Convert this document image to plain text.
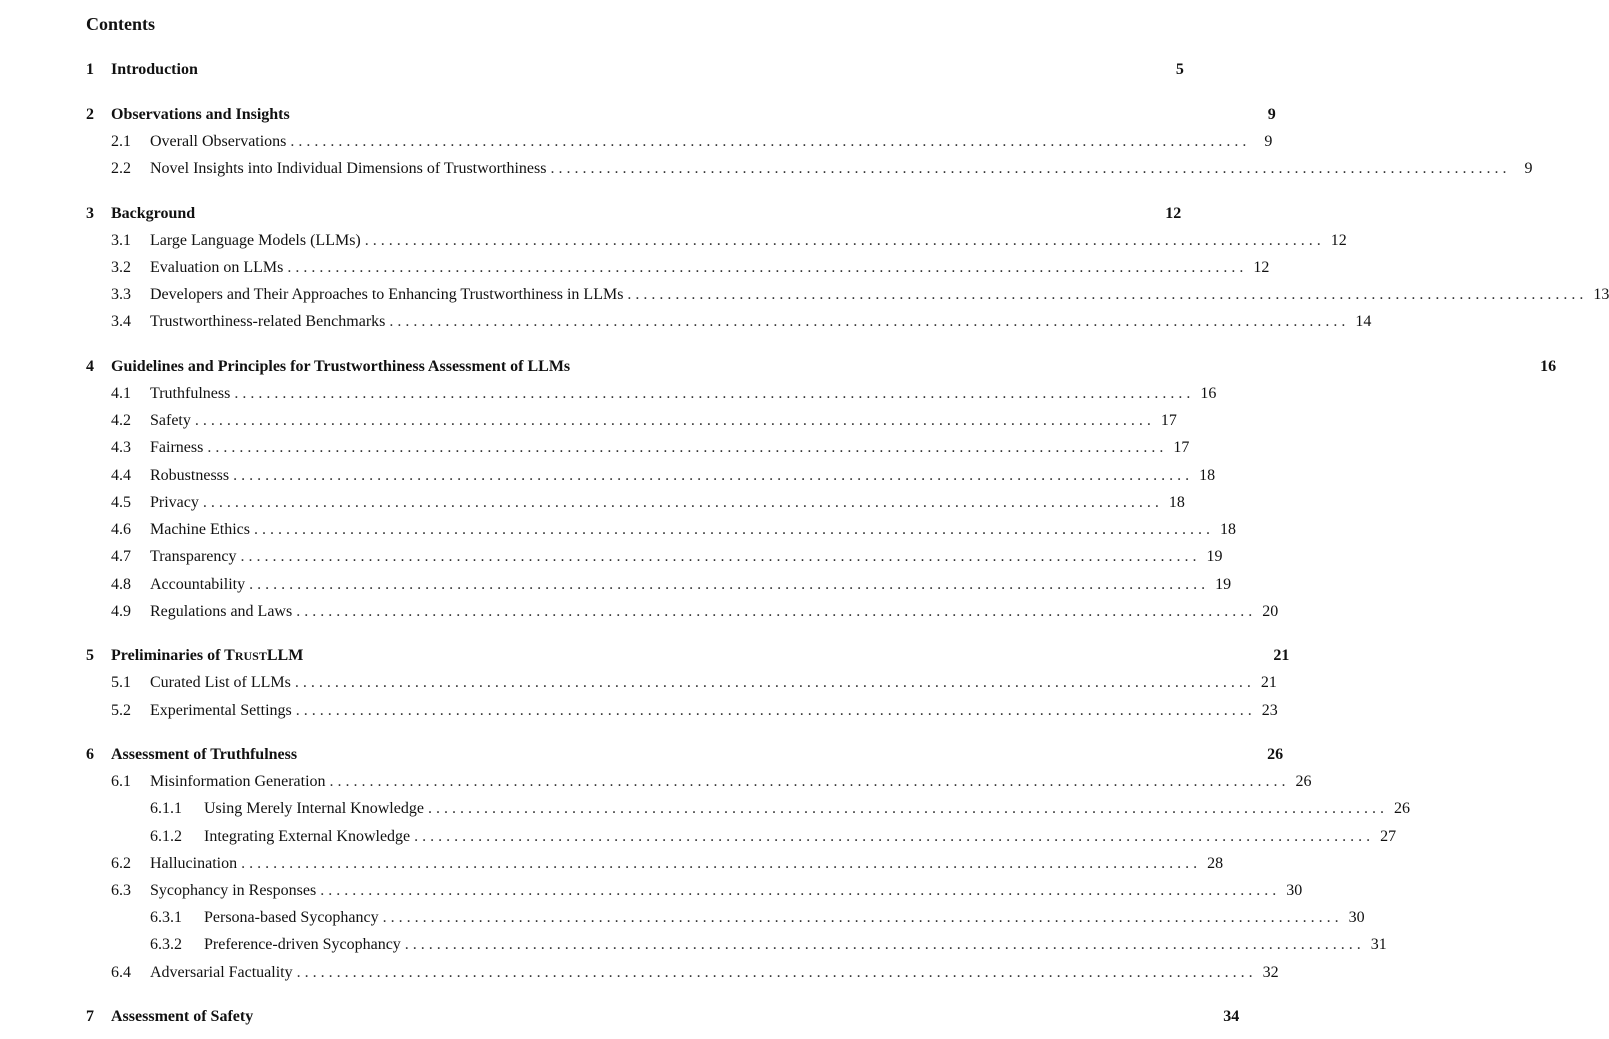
Contents
1	Introduction	5
2	Observations and Insights	9
2.1	Overall Observations . . . . . . . . . . . . . . . . . . . . . . . . . . . . . . . . . . . . . . . . . . . . . . . . . . . . . . . . . . . . . . . . . . . . . . . . . . . . . . . . . . . . . . . . . . . . . . . . . . . . . . . . . . . . . . . . . . . . . . . .	9
2.2	Novel Insights into Individual Dimensions of Trustworthiness . . . . . . . . . . . . . . . . . . . . . . . . . . . . . . . . . . . . . . . . . . . . . . . . . . . . . . . . . . . . . . . . . . . . . . . . . . . . . . . . . . . . . . . . . . . . . . . . . . . . . . . . . . . . . . . . . . . . . . . .	9
3	Background	12
3.1	Large Language Models (LLMs) . . . . . . . . . . . . . . . . . . . . . . . . . . . . . . . . . . . . . . . . . . . . . . . . . . . . . . . . . . . . . . . . . . . . . . . . . . . . . . . . . . . . . . . . . . . . . . . . . . . . . . . . . . . . . . . . . . . . . . . . 12
3.2	Evaluation on LLMs . . . . . . . . . . . . . . . . . . . . . . . . . . . . . . . . . . . . . . . . . . . . . . . . . . . . . . . . . . . . . . . . . . . . . . . . . . . . . . . . . . . . . . . . . . . . . . . . . . . . . . . . . . . . . . . . . . . . . . . . 12
3.3	Developers and Their Approaches to Enhancing Trustworthiness in LLMs . . . . . . . . . . . . . . . . . . . . . . . . . . . . . . . . . . . . . . . . . . . . . . . . . . . . . . . . . . . . . . . . . . . . . . . . . . . . . . . . . . . . . . . . . . . . . . . . . . . . . . . . . . . . . . . . . . . . . . . . 13
3.4	Trustworthiness-related Benchmarks . . . . . . . . . . . . . . . . . . . . . . . . . . . . . . . . . . . . . . . . . . . . . . . . . . . . . . . . . . . . . . . . . . . . . . . . . . . . . . . . . . . . . . . . . . . . . . . . . . . . . . . . . . . . . . . . . . . . . . . . 14
4	Guidelines and Principles for Trustworthiness Assessment of LLMs	16
4.1	Truthfulness . . . . . . . . . . . . . . . . . . . . . . . . . . . . . . . . . . . . . . . . . . . . . . . . . . . . . . . . . . . . . . . . . . . . . . . . . . . . . . . . . . . . . . . . . . . . . . . . . . . . . . . . . . . . . . . . . . . . . . . . 16
4.2	Safety . . . . . . . . . . . . . . . . . . . . . . . . . . . . . . . . . . . . . . . . . . . . . . . . . . . . . . . . . . . . . . . . . . . . . . . . . . . . . . . . . . . . . . . . . . . . . . . . . . . . . . . . . . . . . . . . . . . . . . . . 17
4.3	Fairness . . . . . . . . . . . . . . . . . . . . . . . . . . . . . . . . . . . . . . . . . . . . . . . . . . . . . . . . . . . . . . . . . . . . . . . . . . . . . . . . . . . . . . . . . . . . . . . . . . . . . . . . . . . . . . . . . . . . . . . . 17
4.4	Robustnesss . . . . . . . . . . . . . . . . . . . . . . . . . . . . . . . . . . . . . . . . . . . . . . . . . . . . . . . . . . . . . . . . . . . . . . . . . . . . . . . . . . . . . . . . . . . . . . . . . . . . . . . . . . . . . . . . . . . . . . . . 18
4.5	Privacy . . . . . . . . . . . . . . . . . . . . . . . . . . . . . . . . . . . . . . . . . . . . . . . . . . . . . . . . . . . . . . . . . . . . . . . . . . . . . . . . . . . . . . . . . . . . . . . . . . . . . . . . . . . . . . . . . . . . . . . . 18
4.6	Machine Ethics . . . . . . . . . . . . . . . . . . . . . . . . . . . . . . . . . . . . . . . . . . . . . . . . . . . . . . . . . . . . . . . . . . . . . . . . . . . . . . . . . . . . . . . . . . . . . . . . . . . . . . . . . . . . . . . . . . . . . . . . 18
4.7	Transparency . . . . . . . . . . . . . . . . . . . . . . . . . . . . . . . . . . . . . . . . . . . . . . . . . . . . . . . . . . . . . . . . . . . . . . . . . . . . . . . . . . . . . . . . . . . . . . . . . . . . . . . . . . . . . . . . . . . . . . . . 19
4.8	Accountability . . . . . . . . . . . . . . . . . . . . . . . . . . . . . . . . . . . . . . . . . . . . . . . . . . . . . . . . . . . . . . . . . . . . . . . . . . . . . . . . . . . . . . . . . . . . . . . . . . . . . . . . . . . . . . . . . . . . . . . . 19
4.9	Regulations and Laws . . . . . . . . . . . . . . . . . . . . . . . . . . . . . . . . . . . . . . . . . . . . . . . . . . . . . . . . . . . . . . . . . . . . . . . . . . . . . . . . . . . . . . . . . . . . . . . . . . . . . . . . . . . . . . . . . . . . . . . . 20
5	Preliminaries of TRUSTLLM	21
5.1	Curated List of LLMs . . . . . . . . . . . . . . . . . . . . . . . . . . . . . . . . . . . . . . . . . . . . . . . . . . . . . . . . . . . . . . . . . . . . . . . . . . . . . . . . . . . . . . . . . . . . . . . . . . . . . . . . . . . . . . . . . . . . . . . . 21
5.2	Experimental Settings . . . . . . . . . . . . . . . . . . . . . . . . . . . . . . . . . . . . . . . . . . . . . . . . . . . . . . . . . . . . . . . . . . . . . . . . . . . . . . . . . . . . . . . . . . . . . . . . . . . . . . . . . . . . . . . . . . . . . . . . 23
6	Assessment of Truthfulness	26
6.1	Misinformation Generation . . . . . . . . . . . . . . . . . . . . . . . . . . . . . . . . . . . . . . . . . . . . . . . . . . . . . . . . . . . . . . . . . . . . . . . . . . . . . . . . . . . . . . . . . . . . . . . . . . . . . . . . . . . . . . . . . . . . . . . . 26
6.1.1	Using Merely Internal Knowledge . . . . . . . . . . . . . . . . . . . . . . . . . . . . . . . . . . . . . . . . . . . . . . . . . . . . . . . . . . . . . . . . . . . . . . . . . . . . . . . . . . . . . . . . . . . . . . . . . . . . . . . . . . . . . . . . . . . . . . . . 26
6.1.2	Integrating External Knowledge . . . . . . . . . . . . . . . . . . . . . . . . . . . . . . . . . . . . . . . . . . . . . . . . . . . . . . . . . . . . . . . . . . . . . . . . . . . . . . . . . . . . . . . . . . . . . . . . . . . . . . . . . . . . . . . . . . . . . . . . 27
6.2	Hallucination . . . . . . . . . . . . . . . . . . . . . . . . . . . . . . . . . . . . . . . . . . . . . . . . . . . . . . . . . . . . . . . . . . . . . . . . . . . . . . . . . . . . . . . . . . . . . . . . . . . . . . . . . . . . . . . . . . . . . . . . 28
6.3	Sycophancy in Responses . . . . . . . . . . . . . . . . . . . . . . . . . . . . . . . . . . . . . . . . . . . . . . . . . . . . . . . . . . . . . . . . . . . . . . . . . . . . . . . . . . . . . . . . . . . . . . . . . . . . . . . . . . . . . . . . . . . . . . . . 30
6.3.1	Persona-based Sycophancy . . . . . . . . . . . . . . . . . . . . . . . . . . . . . . . . . . . . . . . . . . . . . . . . . . . . . . . . . . . . . . . . . . . . . . . . . . . . . . . . . . . . . . . . . . . . . . . . . . . . . . . . . . . . . . . . . . . . . . . . 30
6.3.2	Preference-driven Sycophancy . . . . . . . . . . . . . . . . . . . . . . . . . . . . . . . . . . . . . . . . . . . . . . . . . . . . . . . . . . . . . . . . . . . . . . . . . . . . . . . . . . . . . . . . . . . . . . . . . . . . . . . . . . . . . . . . . . . . . . . . 31
6.4	Adversarial Factuality . . . . . . . . . . . . . . . . . . . . . . . . . . . . . . . . . . . . . . . . . . . . . . . . . . . . . . . . . . . . . . . . . . . . . . . . . . . . . . . . . . . . . . . . . . . . . . . . . . . . . . . . . . . . . . . . . . . . . . . . 32
7	Assessment of Safety	34
